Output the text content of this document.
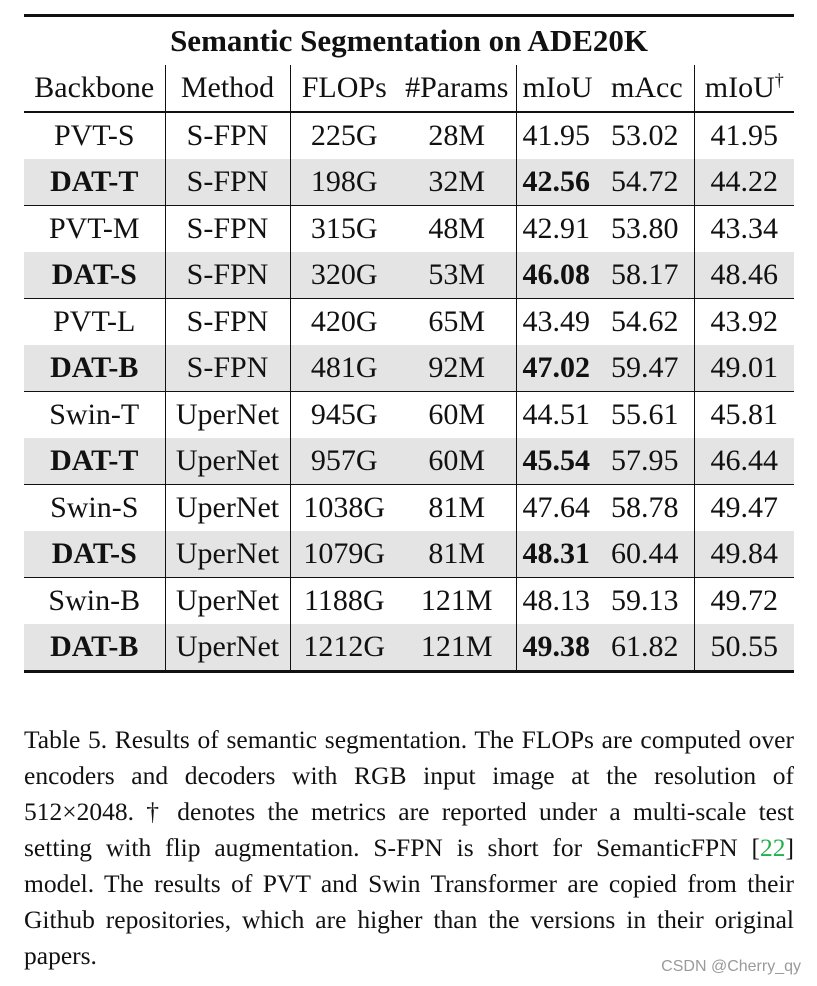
Semantic Segmentation on ADE20K						
Backbone	Method	FLOPs	#Params	mIoU	mAcc	mIoU†
PVT-S	S-FPN	225G	28M	41.95	53.02	41.95
DAT-T	S-FPN	198G	32M	42.56	54.72	44.22
PVT-M	S-FPN	315G	48M	42.91	53.80	43.34
DAT-S	S-FPN	320G	53M	46.08	58.17	48.46
PVT-L	S-FPN	420G	65M	43.49	54.62	43.92
DAT-B	S-FPN	481G	92M	47.02	59.47	49.01
Swin-T	UperNet	945G	60M	44.51	55.61	45.81
DAT-T	UperNet	957G	60M	45.54	57.95	46.44
Swin-S	UperNet	1038G	81M	47.64	58.78	49.47
DAT-S	UperNet	1079G	81M	48.31	60.44	49.84
Swin-B	UperNet	1188G	121M	48.13	59.13	49.72
DAT-B	UperNet	1212G	121M	49.38	61.82	50.55
Table 5. Results of semantic segmentation. The FLOPs are computed over encoders and decoders with RGB input image at the resolution of 512×2048. † denotes the metrics are reported under a multi-scale test setting with flip augmentation. S-FPN is short for SemanticFPN [22] model. The results of PVT and Swin Transformer are copied from their Github repositories, which are higher than the versions in their original papers.	CSDN @Cherry_qy
